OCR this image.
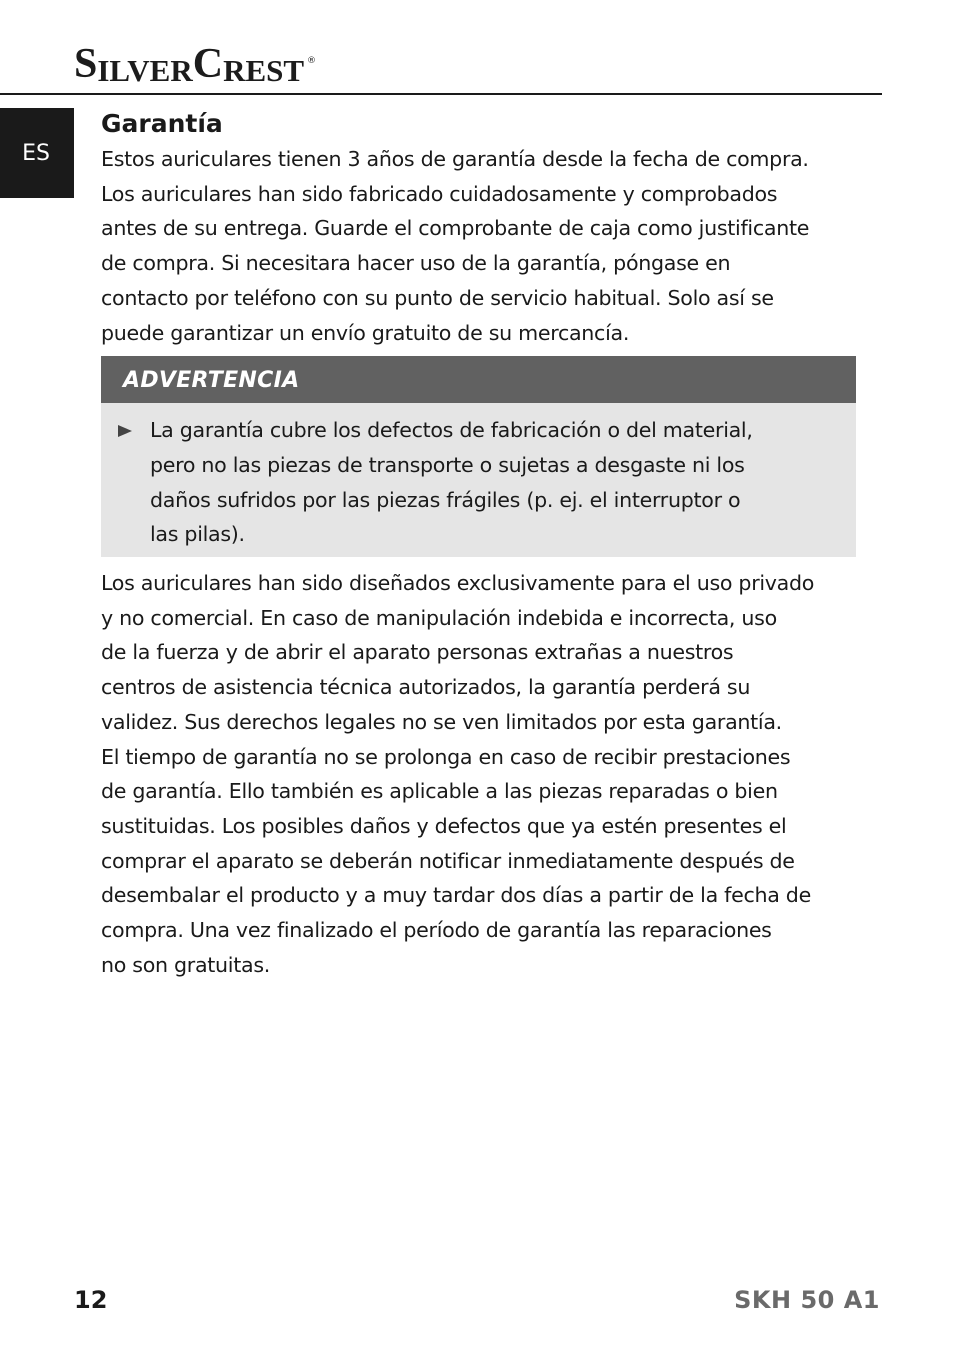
S ILVER C REST ®
ES
Garantía

Estos auriculares tienen 3 años de garantía desde la fecha de compra.
Los auriculares han sido fabricado cuidadosamente y comprobados
antes de su entrega. Guarde el comprobante de caja como justificante
de compra. Si necesitara hacer uso de la garantía, póngase en
contacto por teléfono con su punto de servicio habitual. Solo así se
puede garantizar un envío gratuito de su mercancía.

ADVERTENCIA
La garantía cubre los defectos de fabricación o del material,
pero no las piezas de transporte o sujetas a desgaste ni los
daños sufridos por las piezas frágiles (p. ej. el interruptor o
las pilas).

Los auriculares han sido diseñados exclusivamente para el uso privado
y no comercial. En caso de manipulación indebida e incorrecta, uso
de la fuerza y de abrir el aparato personas extrañas a nuestros
centros de asistencia técnica autorizados, la garantía perderá su
validez. Sus derechos legales no se ven limitados por esta garantía.
El tiempo de garantía no se prolonga en caso de recibir prestaciones
de garantía. Ello también es aplicable a las piezas reparadas o bien
sustituidas. Los posibles daños y defectos que ya estén presentes el
comprar el aparato se deberán notificar inmediatamente después de
desembalar el producto y a muy tardar dos días a partir de la fecha de
compra. Una vez finalizado el período de garantía las reparaciones
no son gratuitas.

12	SKH 50 A1
